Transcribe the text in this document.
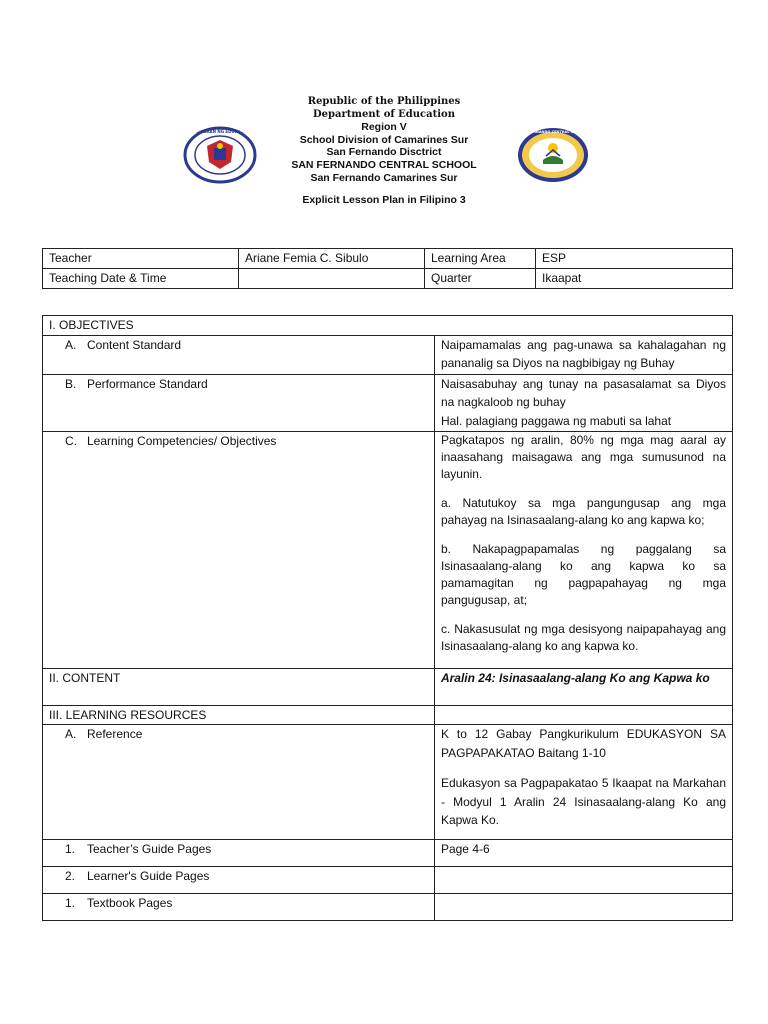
Republic of the Philippines
Department of Education
Region V
School Division of Camarines Sur
San Fernando Disctrict
SAN FERNANDO CENTRAL SCHOOL
San Fernando Camarines Sur
Explicit Lesson Plan in Filipino 3
KAGAWARAN NG EDUKASYON	SAN FERNANDO CENTRAL SCHOOL
Teacher	Ariane Femia C. Sibulo	Learning Area	ESP
Teaching Date & Time		Quarter	Ikaapat
I. OBJECTIVES	
A. Content Standard	Naipamamalas ang pag-unawa sa kahalagahan ng pananalig sa Diyos na nagbibigay ng Buhay
B. Performance Standard	Naisasabuhay ang tunay na pasasalamat sa Diyos na nagkaloob ng buhay
Hal. palagiang paggawa ng mabuti sa lahat

C. Learning Competencies/ Objectives	Pagkatapos ng aralin, 80% ng mga mag aaral ay inaasahang maisagawa ang mga sumusunod na layunin.
a. Natutukoy sa mga pangungusap ang mga pahayag na Isinasaalang-alang ko ang kapwa ko;
b. Nakapagpapamalas ng paggalang sa Isinasaalang-alang ko ang kapwa ko sa pamamagitan ng pagpapahayag ng mga pangugusap, at;
c. Nakasusulat ng mga desisyong naipapahayag ang Isinasaalang-alang ko ang kapwa ko.

II. CONTENT	Aralin 24: Isinasaalang-alang Ko ang Kapwa ko
III. LEARNING RESOURCES	
A. Reference	K to 12 Gabay Pangkurikulum EDUKASYON SA PAGPAPAKATAO Baitang 1-10
Edukasyon sa Pagpapakatao 5 Ikaapat na Markahan - Modyul 1 Aralin 24 Isinasaalang-alang Ko ang Kapwa Ko.

1. Teacher’s Guide Pages	Page 4-6
2. Learner's Guide Pages	
1. Textbook Pages	
